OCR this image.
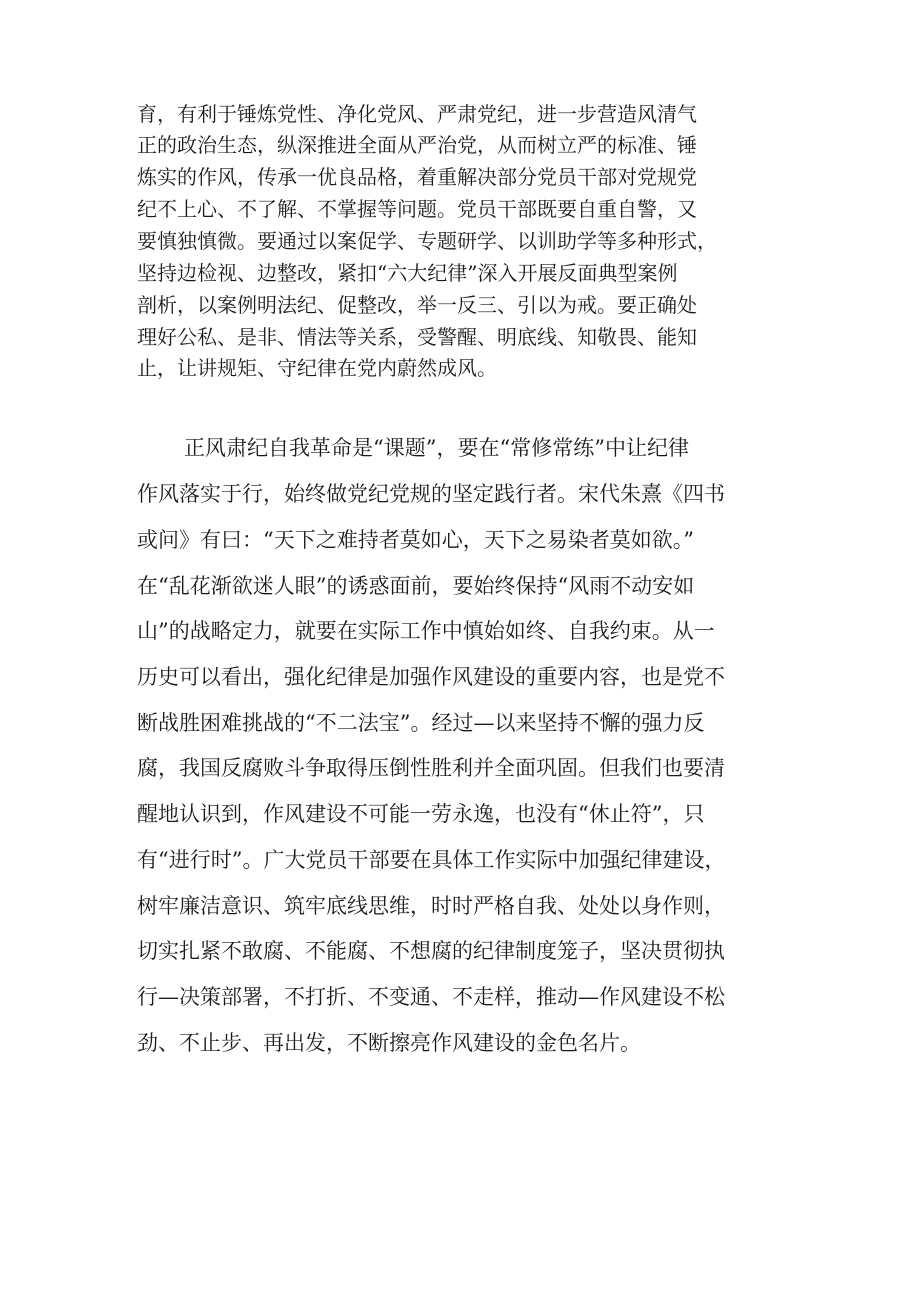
育，有利于锤炼党性、净化党风、严肃党纪，进一步营造风清气
正的政治生态，纵深推进全面从严治党，从而树立严的标准、锤
炼实的作风，传承一优良品格，着重解决部分党员干部对党规党
纪不上心、不了解、不掌握等问题。党员干部既要自重自警，又
要慎独慎微。要通过以案促学、专题研学、以训助学等多种形式，
坚持边检视、边整改，紧扣“六大纪律”深入开展反面典型案例
剖析，以案例明法纪、促整改，举一反三、引以为戒。要正确处
理好公私、是非、情法等关系，受警醒、明底线、知敬畏、能知
止，让讲规矩、守纪律在党内蔚然成风。
正风肃纪自我革命是“课题”，要在“常修常练”中让纪律
作风落实于行，始终做党纪党规的坚定践行者。宋代朱熹《四书
或问》有曰：“天下之难持者莫如心，天下之易染者莫如欲。”
在“乱花渐欲迷人眼”的诱惑面前，要始终保持“风雨不动安如
山”的战略定力，就要在实际工作中慎始如终、自我约束。从一
历史可以看出，强化纪律是加强作风建设的重要内容，也是党不
断战胜困难挑战的“不二法宝”。经过—以来坚持不懈的强力反
腐，我国反腐败斗争取得压倒性胜利并全面巩固。但我们也要清
醒地认识到，作风建设不可能一劳永逸，也没有“休止符”，只
有“进行时”。广大党员干部要在具体工作实际中加强纪律建设，
树牢廉洁意识、筑牢底线思维，时时严格自我、处处以身作则，
切实扎紧不敢腐、不能腐、不想腐的纪律制度笼子，坚决贯彻执
行—决策部署，不打折、不变通、不走样，推动—作风建设不松
劲、不止步、再出发，不断擦亮作风建设的金色名片。
